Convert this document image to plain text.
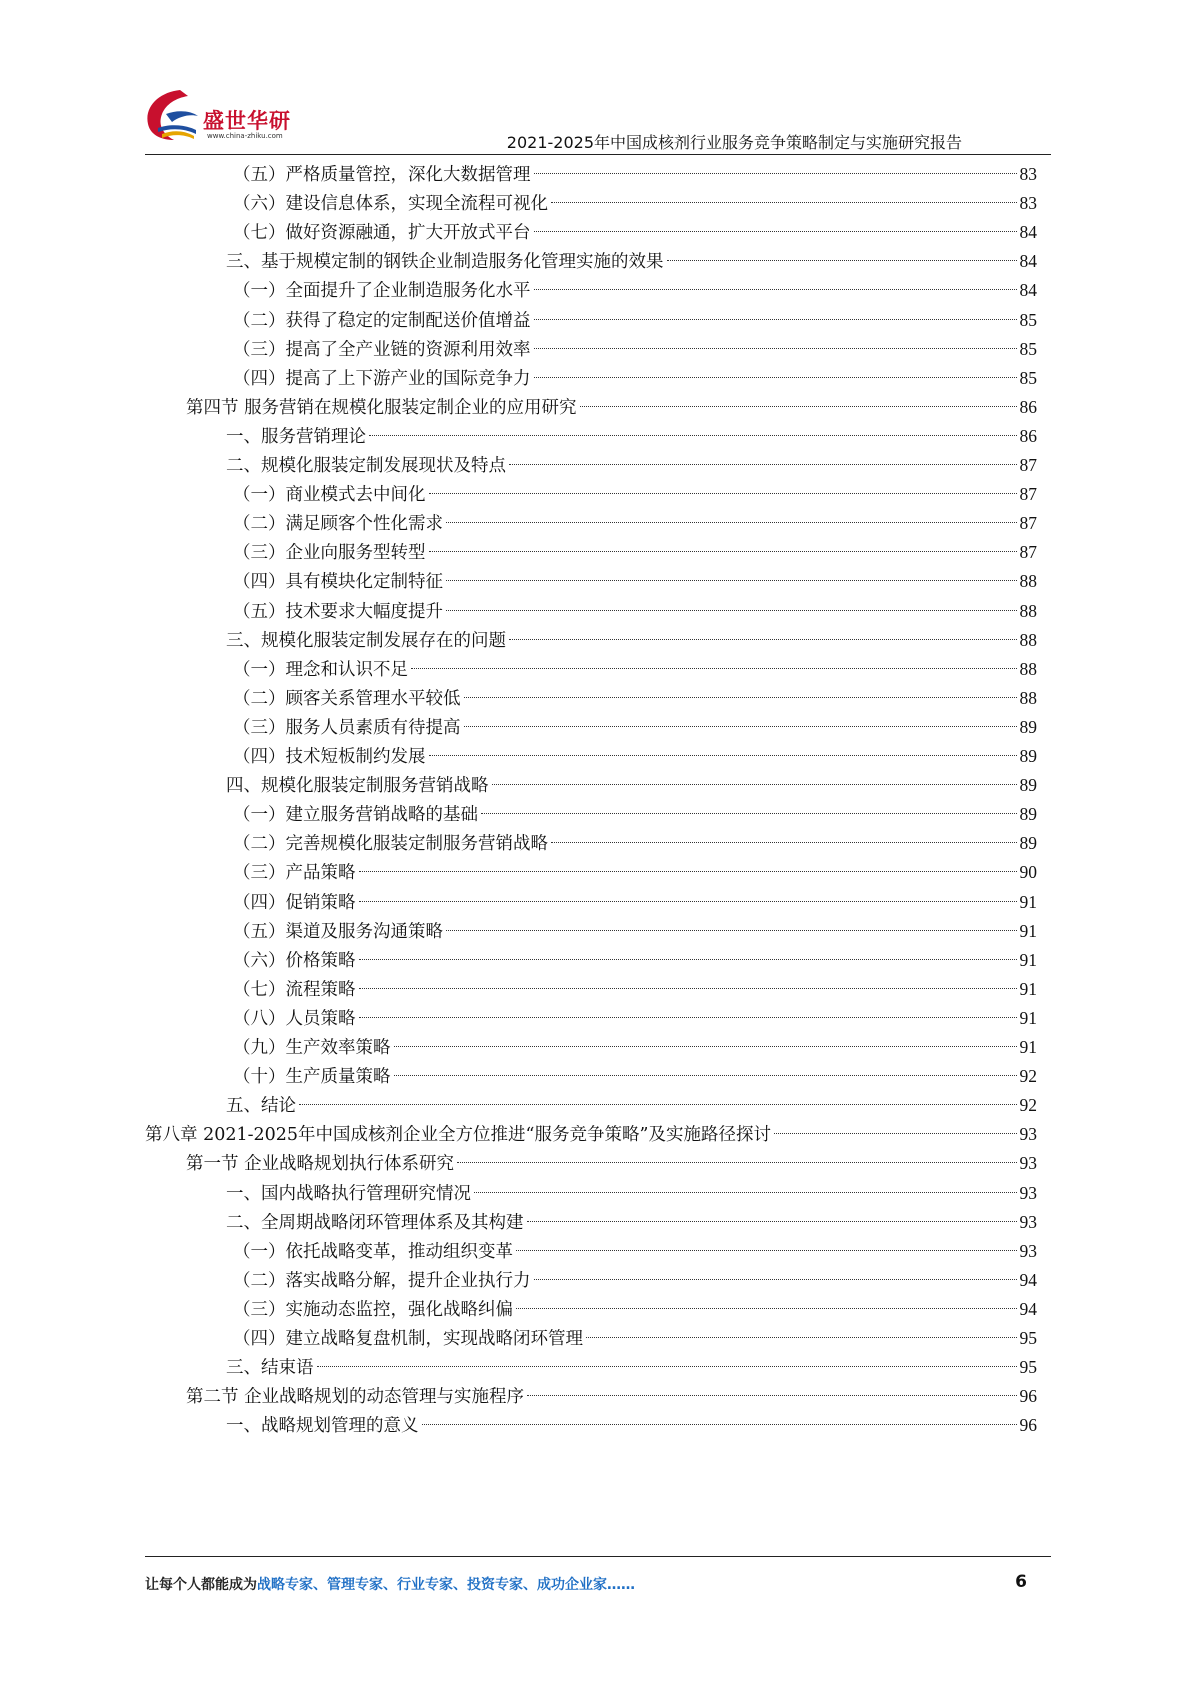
盛世华研
www.china-zhiku.com	2021-2025年中国成核剂行业服务竞争策略制定与实施研究报告
（五）严格质量管控，深化大数据管理	83
（六）建设信息体系，实现全流程可视化	83
（七）做好资源融通，扩大开放式平台	84
三、基于规模定制的钢铁企业制造服务化管理实施的效果	84
（一）全面提升了企业制造服务化水平	84
（二）获得了稳定的定制配送价值增益	85
（三）提高了全产业链的资源利用效率	85
（四）提高了上下游产业的国际竞争力	85
第四节 服务营销在规模化服装定制企业的应用研究	86
一、服务营销理论	86
二、规模化服装定制发展现状及特点	87
（一）商业模式去中间化	87
（二）满足顾客个性化需求	87
（三）企业向服务型转型	87
（四）具有模块化定制特征	88
（五）技术要求大幅度提升	88
三、规模化服装定制发展存在的问题	88
（一）理念和认识不足	88
（二）顾客关系管理水平较低	88
（三）服务人员素质有待提高	89
（四）技术短板制约发展	89
四、规模化服装定制服务营销战略	89
（一）建立服务营销战略的基础	89
（二）完善规模化服装定制服务营销战略	89
（三）产品策略	90
（四）促销策略	91
（五）渠道及服务沟通策略	91
（六）价格策略	91
（七）流程策略	91
（八）人员策略	91
（九）生产效率策略	91
（十）生产质量策略	92
五、结论	92
第八章 2021-2025年中国成核剂企业全方位推进“服务竞争策略”及实施路径探讨	93
第一节 企业战略规划执行体系研究	93
一、国内战略执行管理研究情况	93
二、全周期战略闭环管理体系及其构建	93
（一）依托战略变革，推动组织变革	93
（二）落实战略分解，提升企业执行力	94
（三）实施动态监控，强化战略纠偏	94
（四）建立战略复盘机制，实现战略闭环管理	95
三、结束语	95
第二节 企业战略规划的动态管理与实施程序	96
一、战略规划管理的意义	96
让每个人都能成为战略专家、管理专家、行业专家、投资专家、成功企业家……	6
